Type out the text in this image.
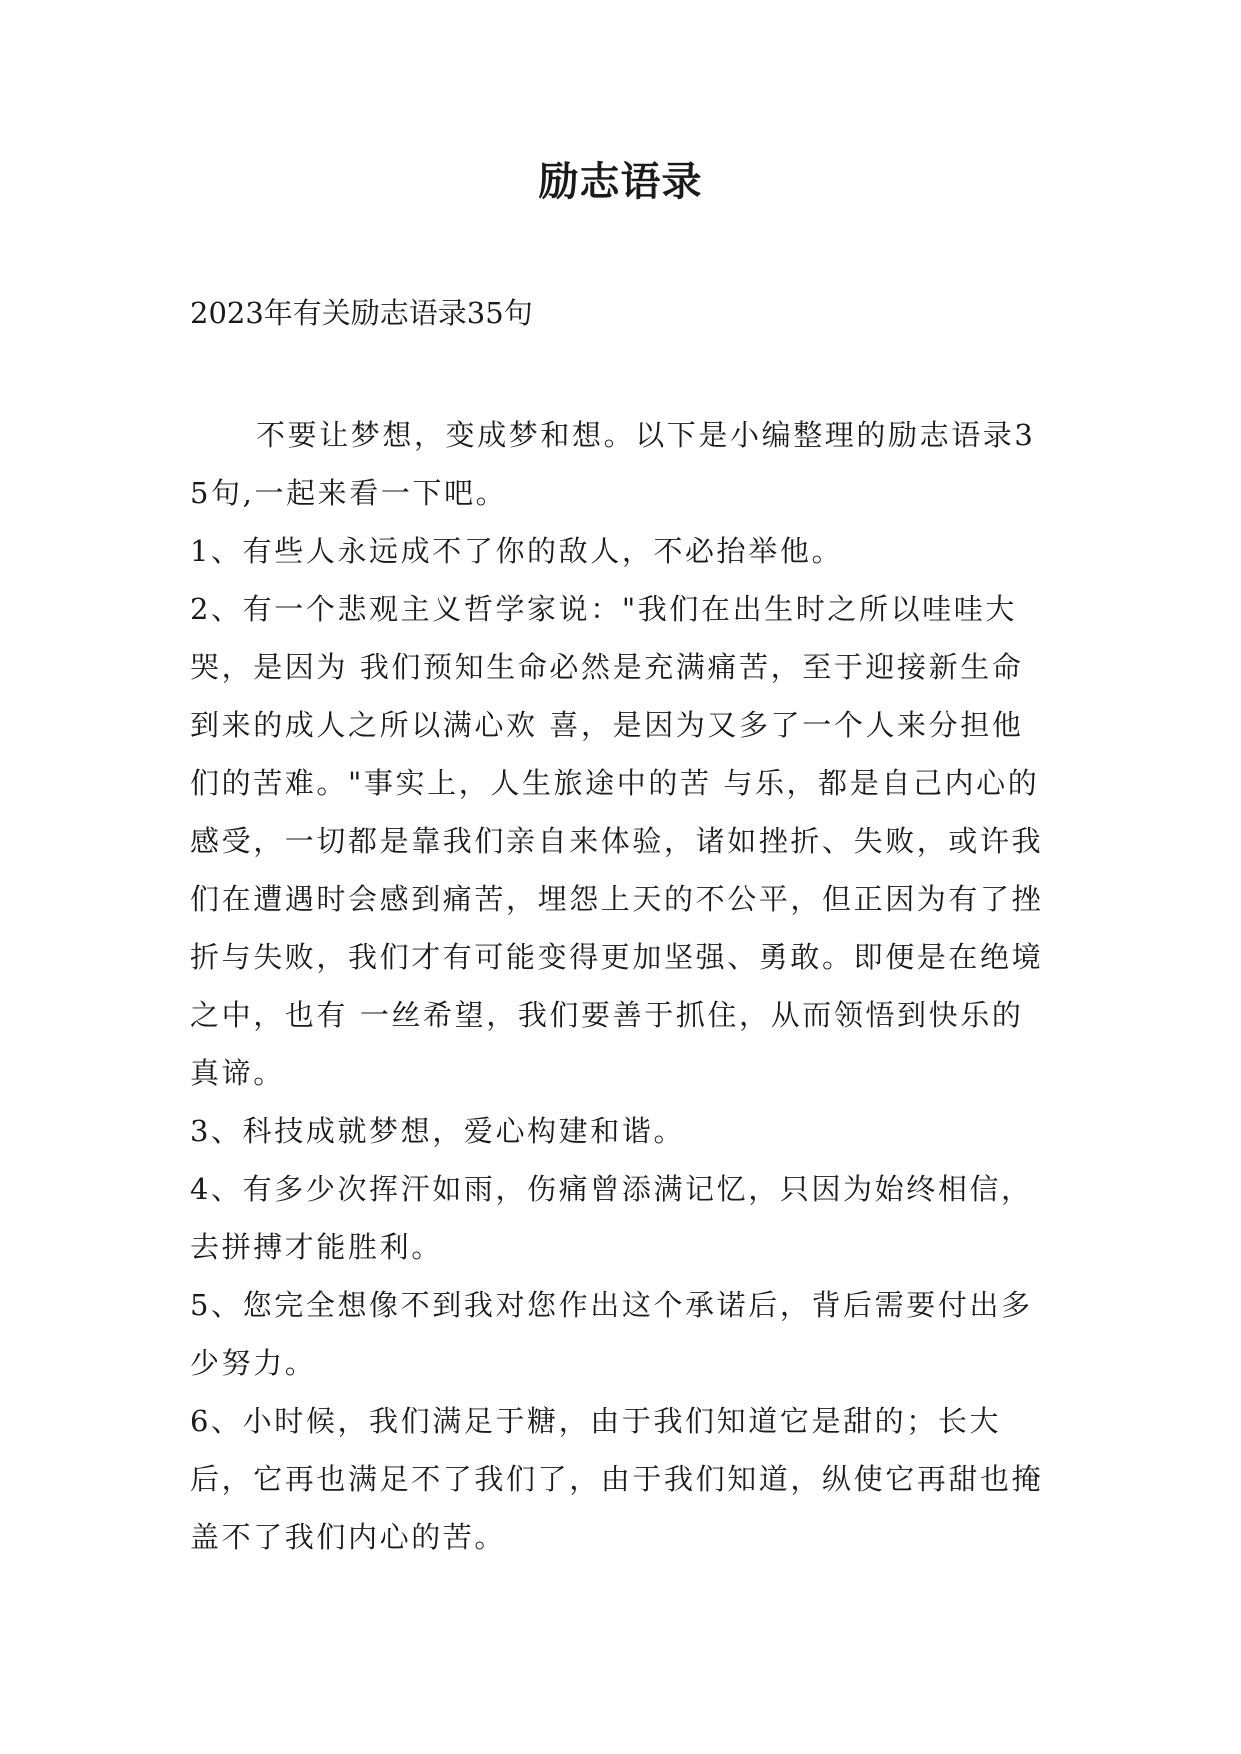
励志语录

2023年有关励志语录35句

不要让梦想，变成梦和想。以下是小编整理的励志语录35句,一起来看一下吧。

1、有些人永远成不了你的敌人，不必抬举他。

2、有一个悲观主义哲学家说："我们在出生时之所以哇哇大哭，是因为 我们预知生命必然是充满痛苦，至于迎接新生命到来的成人之所以满心欢 喜，是因为又多了一个人来分担他们的苦难。"事实上，人生旅途中的苦 与乐，都是自己内心的感受，一切都是靠我们亲自来体验，诸如挫折、失败，或许我们在遭遇时会感到痛苦，埋怨上天的不公平，但正因为有了挫 折与失败，我们才有可能变得更加坚强、勇敢。即便是在绝境之中，也有 一丝希望，我们要善于抓住，从而领悟到快乐的真谛。

3、科技成就梦想，爱心构建和谐。

4、有多少次挥汗如雨，伤痛曾添满记忆，只因为始终相信，去拼搏才能胜利。

5、您完全想像不到我对您作出这个承诺后，背后需要付出多少努力。

6、小时候，我们满足于糖，由于我们知道它是甜的；长大后，它再也满足不了我们了，由于我们知道，纵使它再甜也掩盖不了我们内心的苦。
